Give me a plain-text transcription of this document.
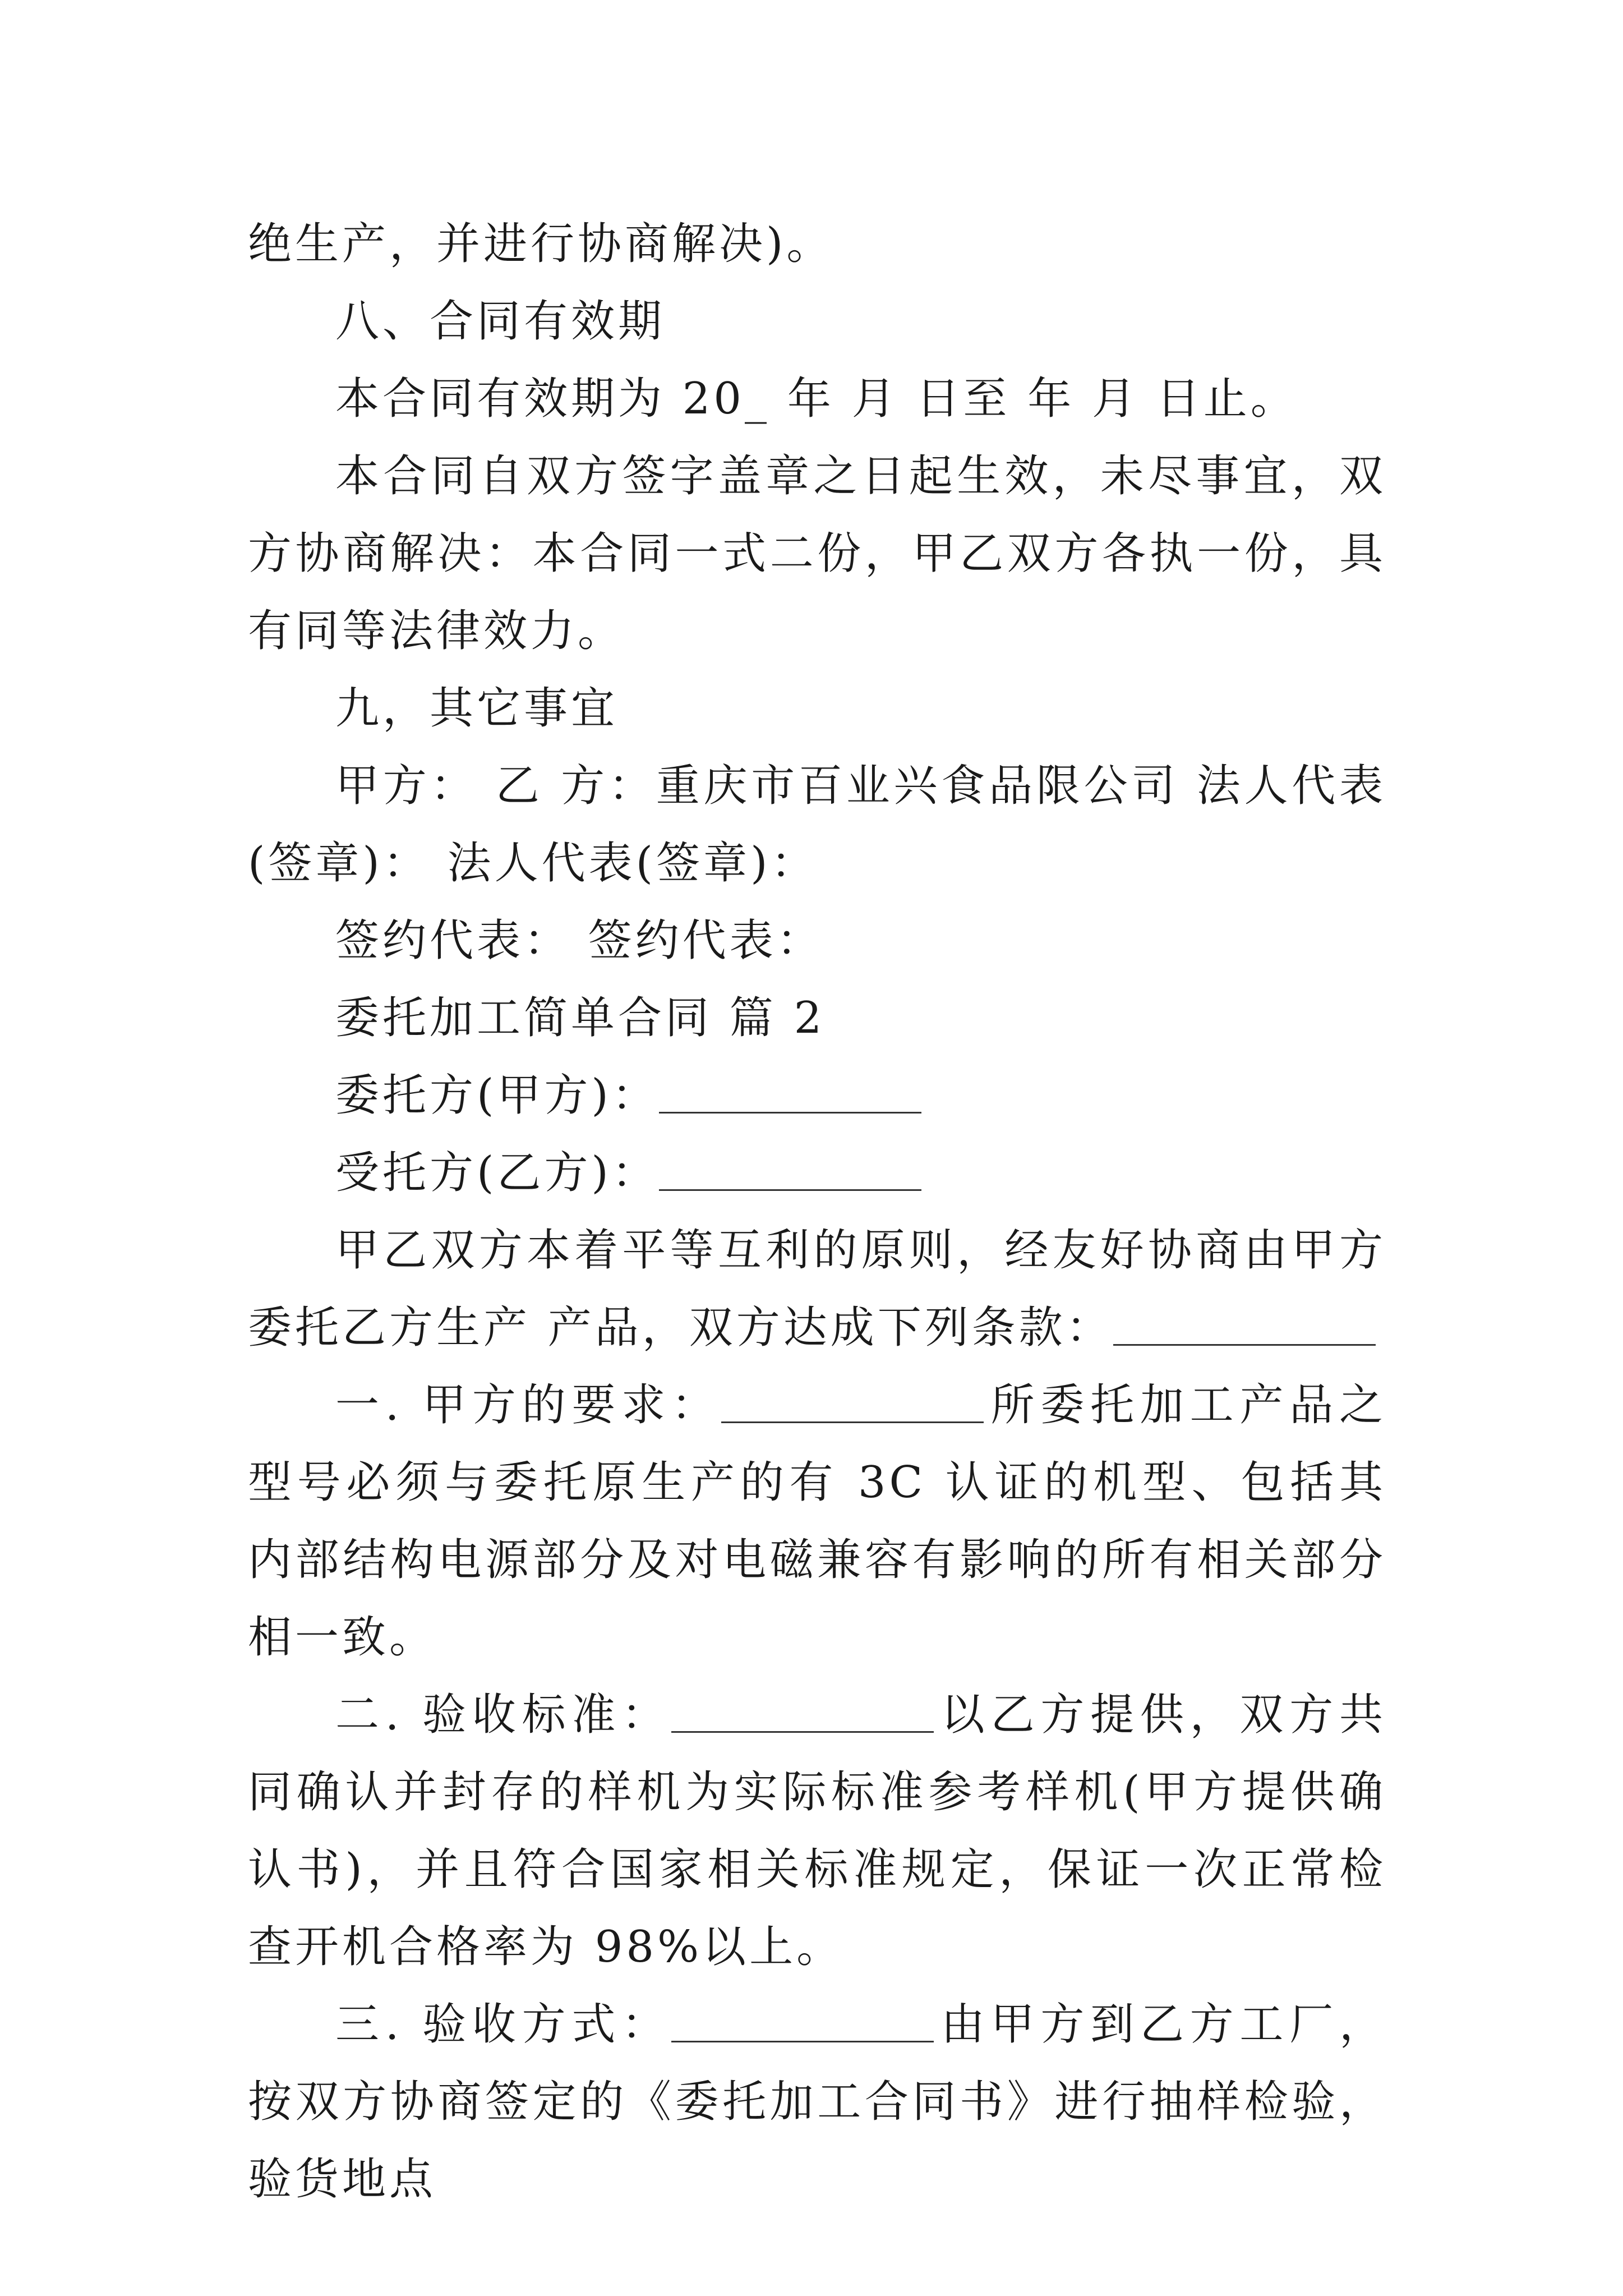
绝生产，并进行协商解决)。

八、合同有效期

本合同有效期为 20_ 年 月 日至 年 月 日止。

本合同自双方签字盖章之日起生效，未尽事宜，双方协商解决：本合同一式二份，甲乙双方各执一份，具有同等法律效力。

九，其它事宜

甲方： 乙 方：重庆市百业兴食品限公司 法人代表(签章)： 法人代表(签章)：

签约代表： 签约代表：

委托加工简单合同 篇 2

委托方(甲方)：

受托方(乙方)：

甲乙双方本着平等互利的原则，经友好协商由甲方委托乙方生产 产品，双方达成下列条款：

一. 甲方的要求：	所委托加工产品之型号必须与委托原生产的有 3C 认证的机型、包括其内部结构电源部分及对电磁兼容有影响的所有相关部分相一致。

二. 验收标准：	以乙方提供，双方共同确认并封存的样机为实际标准参考样机(甲方提供确认书)，并且符合国家相关标准规定，保证一次正常检查开机合格率为 98%以上。

三. 验收方式：	由甲方到乙方工厂，按双方协商签定的《委托加工合同书》进行抽样检验，验货地点
